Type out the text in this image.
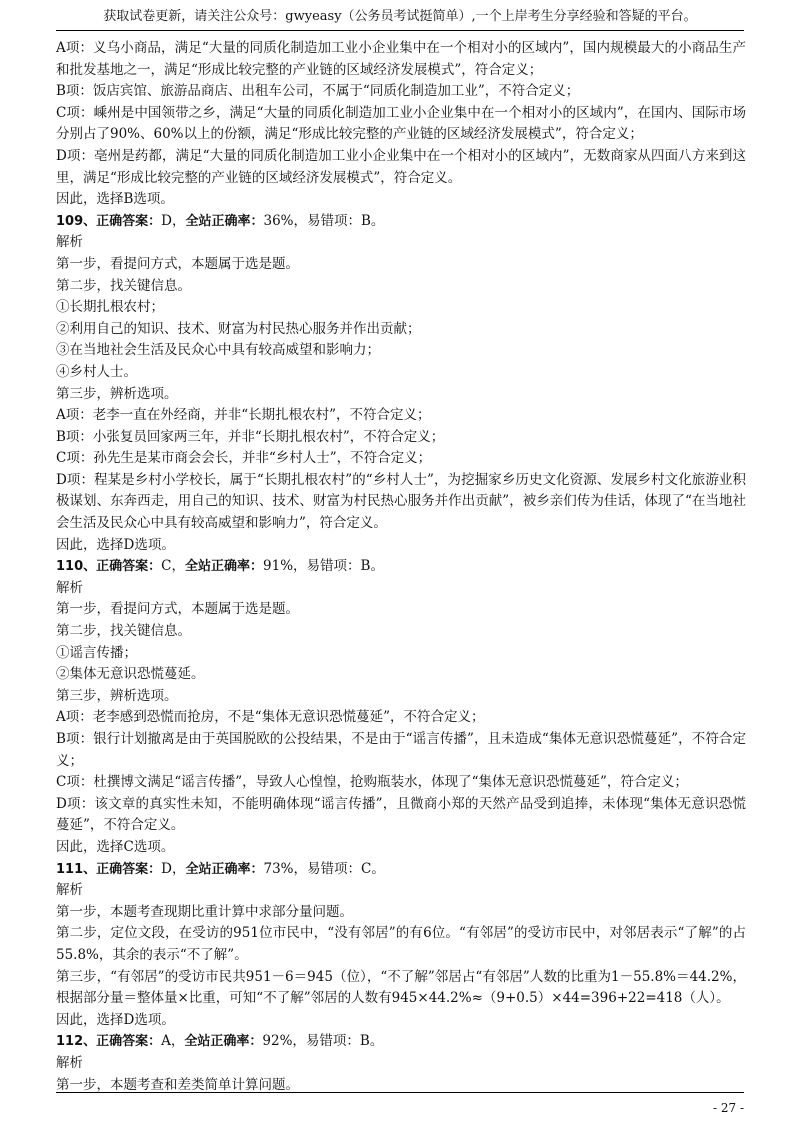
获取试卷更新，请关注公众号：gwyeasy（公务员考试挺简单）,一个上岸考生分享经验和答疑的平台。

A项：义乌小商品，满足“大量的同质化制造加工业小企业集中在一个相对小的区域内”，国内规模最大的小商品生产和批发基地之一，满足“形成比较完整的产业链的区域经济发展模式”，符合定义；

B项：饭店宾馆、旅游品商店、出租车公司，不属于“同质化制造加工业”，不符合定义；

C项：嵊州是中国领带之乡，满足“大量的同质化制造加工业小企业集中在一个相对小的区域内”，在国内、国际市场分别占了90%、60%以上的份额，满足“形成比较完整的产业链的区域经济发展模式”，符合定义；

D项：亳州是药都，满足“大量的同质化制造加工业小企业集中在一个相对小的区域内”，无数商家从四面八方来到这里，满足“形成比较完整的产业链的区域经济发展模式”，符合定义。

因此，选择B选项。

109、正确答案：D，全站正确率：36%，易错项：B。

解析

第一步，看提问方式，本题属于选是题。

第二步，找关键信息。

①长期扎根农村；

②利用自己的知识、技术、财富为村民热心服务并作出贡献；

③在当地社会生活及民众心中具有较高威望和影响力；

④乡村人士。

第三步，辨析选项。

A项：老李一直在外经商，并非“长期扎根农村”，不符合定义；

B项：小张复员回家两三年，并非“长期扎根农村”，不符合定义；

C项：孙先生是某市商会会长，并非“乡村人士”，不符合定义；

D项：程某是乡村小学校长，属于“长期扎根农村”的“乡村人士”，为挖掘家乡历史文化资源、发展乡村文化旅游业积极谋划、东奔西走，用自己的知识、技术、财富为村民热心服务并作出贡献”，被乡亲们传为佳话，体现了“在当地社会生活及民众心中具有较高威望和影响力”，符合定义。

因此，选择D选项。

110、正确答案：C，全站正确率：91%，易错项：B。

解析

第一步，看提问方式，本题属于选是题。

第二步，找关键信息。

①谣言传播；

②集体无意识恐慌蔓延。

第三步，辨析选项。

A项：老李感到恐慌而抢房，不是“集体无意识恐慌蔓延”，不符合定义；

B项：银行计划撤离是由于英国脱欧的公投结果，不是由于“谣言传播”，且未造成“集体无意识恐慌蔓延”，不符合定义；

C项：杜撰博文满足“谣言传播”，导致人心惶惶，抢购瓶装水，体现了“集体无意识恐慌蔓延”，符合定义；

D项：该文章的真实性未知，不能明确体现“谣言传播”，且微商小郑的天然产品受到追捧，未体现“集体无意识恐慌蔓延”，不符合定义。

因此，选择C选项。

111、正确答案：D，全站正确率：73%，易错项：C。

解析

第一步，本题考查现期比重计算中求部分量问题。

第二步，定位文段，在受访的951位市民中，“没有邻居”的有6位。“有邻居”的受访市民中，对邻居表示“了解”的占55.8%，其余的表示“不了解”。

第三步，“有邻居”的受访市民共951－6＝945（位），“不了解”邻居占“有邻居”人数的比重为1－55.8%＝44.2%，根据部分量＝整体量×比重，可知“不了解”邻居的人数有945×44.2%≈（9+0.5）×44=396+22=418（人）。

因此，选择D选项。

112、正确答案：A，全站正确率：92%，易错项：B。

解析

第一步，本题考查和差类简单计算问题。

- 27 -
